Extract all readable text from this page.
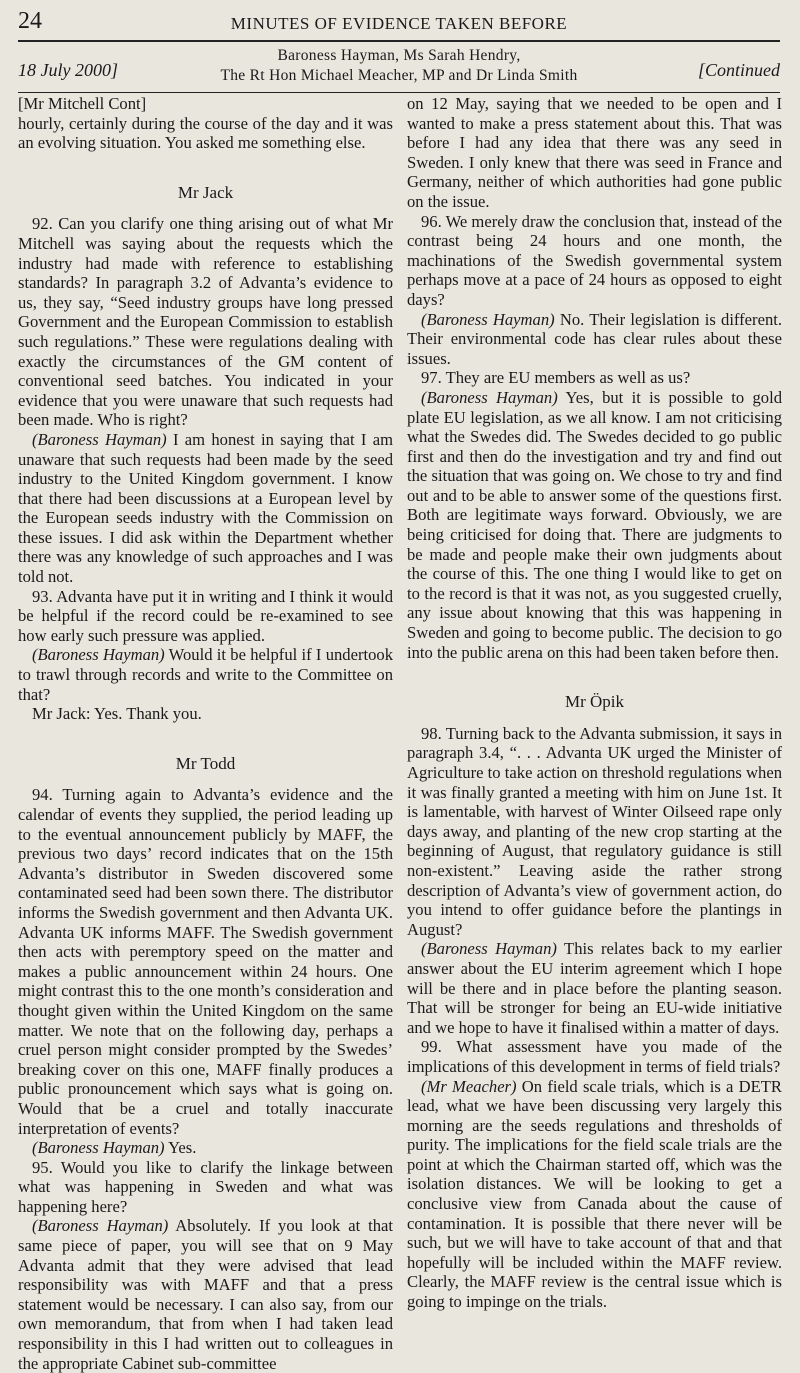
24	MINUTES OF EVIDENCE TAKEN BEFORE
18 July 2000]
Baroness Hayman, Ms Sarah Hendry,
The Rt Hon Michael Meacher, MP and Dr Linda Smith	[Continued

[Mr Mitchell Cont]

hourly, certainly during the course of the day and it was an evolving situation. You asked me something else.

Mr Jack

92. Can you clarify one thing arising out of what Mr Mitchell was saying about the requests which the industry had made with reference to establishing standards? In paragraph 3.2 of Advanta’s evidence to us, they say, “Seed industry groups have long pressed Government and the European Commission to establish such regulations.” These were regulations dealing with exactly the circumstances of the GM content of conventional seed batches. You indicated in your evidence that you were unaware that such requests had been made. Who is right?

(Baroness Hayman) I am honest in saying that I am unaware that such requests had been made by the seed industry to the United Kingdom government. I know that there had been discussions at a European level by the European seeds industry with the Commission on these issues. I did ask within the Department whether there was any knowledge of such approaches and I was told not.

93. Advanta have put it in writing and I think it would be helpful if the record could be re-examined to see how early such pressure was applied.

(Baroness Hayman) Would it be helpful if I undertook to trawl through records and write to the Committee on that?

Mr Jack: Yes. Thank you.

Mr Todd

94. Turning again to Advanta’s evidence and the calendar of events they supplied, the period leading up to the eventual announcement publicly by MAFF, the previous two days’ record indicates that on the 15th Advanta’s distributor in Sweden discovered some contaminated seed had been sown there. The distributor informs the Swedish government and then Advanta UK. Advanta UK informs MAFF. The Swedish government then acts with peremptory speed on the matter and makes a public announcement within 24 hours. One might contrast this to the one month’s consideration and thought given within the United Kingdom on the same matter. We note that on the following day, perhaps a cruel person might consider prompted by the Swedes’ breaking cover on this one, MAFF finally produces a public pronouncement which says what is going on. Would that be a cruel and totally inaccurate interpretation of events?

(Baroness Hayman) Yes.

95. Would you like to clarify the linkage between what was happening in Sweden and what was happening here?

(Baroness Hayman) Absolutely. If you look at that same piece of paper, you will see that on 9 May Advanta admit that they were advised that lead responsibility was with MAFF and that a press statement would be necessary. I can also say, from our own memorandum, that from when I had taken lead responsibility in this I had written out to colleagues in the appropriate Cabinet sub-committee

on 12 May, saying that we needed to be open and I wanted to make a press statement about this. That was before I had any idea that there was any seed in Sweden. I only knew that there was seed in France and Germany, neither of which authorities had gone public on the issue.

96. We merely draw the conclusion that, instead of the contrast being 24 hours and one month, the machinations of the Swedish governmental system perhaps move at a pace of 24 hours as opposed to eight days?

(Baroness Hayman) No. Their legislation is different. Their environmental code has clear rules about these issues.

97. They are EU members as well as us?

(Baroness Hayman) Yes, but it is possible to gold plate EU legislation, as we all know. I am not criticising what the Swedes did. The Swedes decided to go public first and then do the investigation and try and find out the situation that was going on. We chose to try and find out and to be able to answer some of the questions first. Both are legitimate ways forward. Obviously, we are being criticised for doing that. There are judgments to be made and people make their own judgments about the course of this. The one thing I would like to get on to the record is that it was not, as you suggested cruelly, any issue about knowing that this was happening in Sweden and going to become public. The decision to go into the public arena on this had been taken before then.

Mr Öpik

98. Turning back to the Advanta submission, it says in paragraph 3.4, “. . . Advanta UK urged the Minister of Agriculture to take action on threshold regulations when it was finally granted a meeting with him on June 1st. It is lamentable, with harvest of Winter Oilseed rape only days away, and planting of the new crop starting at the beginning of August, that regulatory guidance is still non-existent.” Leaving aside the rather strong description of Advanta’s view of government action, do you intend to offer guidance before the plantings in August?

(Baroness Hayman) This relates back to my earlier answer about the EU interim agreement which I hope will be there and in place before the planting season. That will be stronger for being an EU-wide initiative and we hope to have it finalised within a matter of days.

99. What assessment have you made of the implications of this development in terms of field trials?

(Mr Meacher) On field scale trials, which is a DETR lead, what we have been discussing very largely this morning are the seeds regulations and thresholds of purity. The implications for the field scale trials are the point at which the Chairman started off, which was the isolation distances. We will be looking to get a conclusive view from Canada about the cause of contamination. It is possible that there never will be such, but we will have to take account of that and that hopefully will be included within the MAFF review. Clearly, the MAFF review is the central issue which is going to impinge on the trials.
